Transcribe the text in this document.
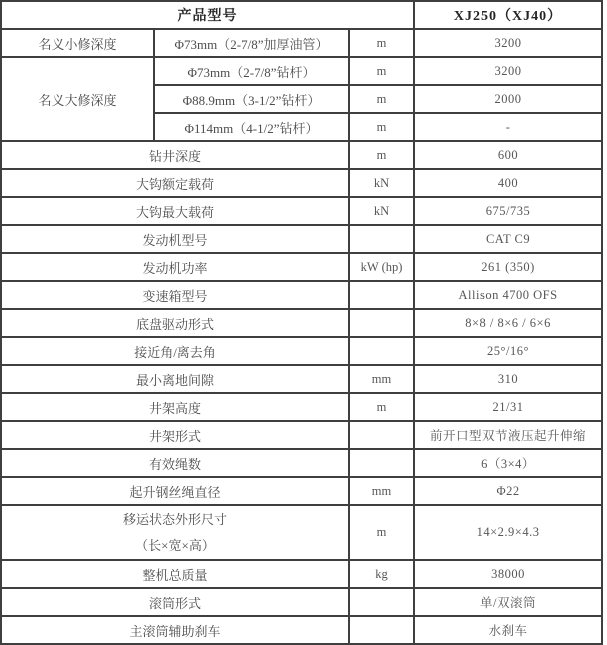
产品型号			XJ250（XJ40）
名义小修深度	Φ73mm（2-7/8”加厚油管）	m	3200
名义大修深度	Φ73mm（2-7/8”钻杆）	m	3200
	Φ88.9mm（3-1/2”钻杆）	m	2000
	Φ114mm（4-1/2”钻杆）	m	-
钻井深度		m	600
大钩额定载荷		kN	400
大钩最大载荷		kN	675/735
发动机型号			CAT C9
发动机功率		kW (hp)	261 (350)
变速箱型号			Allison 4700 OFS
底盘驱动形式			8×8 / 8×6 / 6×6
接近角/离去角			25°/16°
最小离地间隙		mm	310
井架高度		m	21/31
井架形式			前开口型双节液压起升伸缩
有效绳数			6（3×4）
起升钢丝绳直径		mm	Φ22

移运状态外形尺寸
（长×宽×高）		m	14×2.9×4.3
整机总质量		kg	38000
滚筒形式			单/双滚筒
主滚筒辅助刹车			水刹车
